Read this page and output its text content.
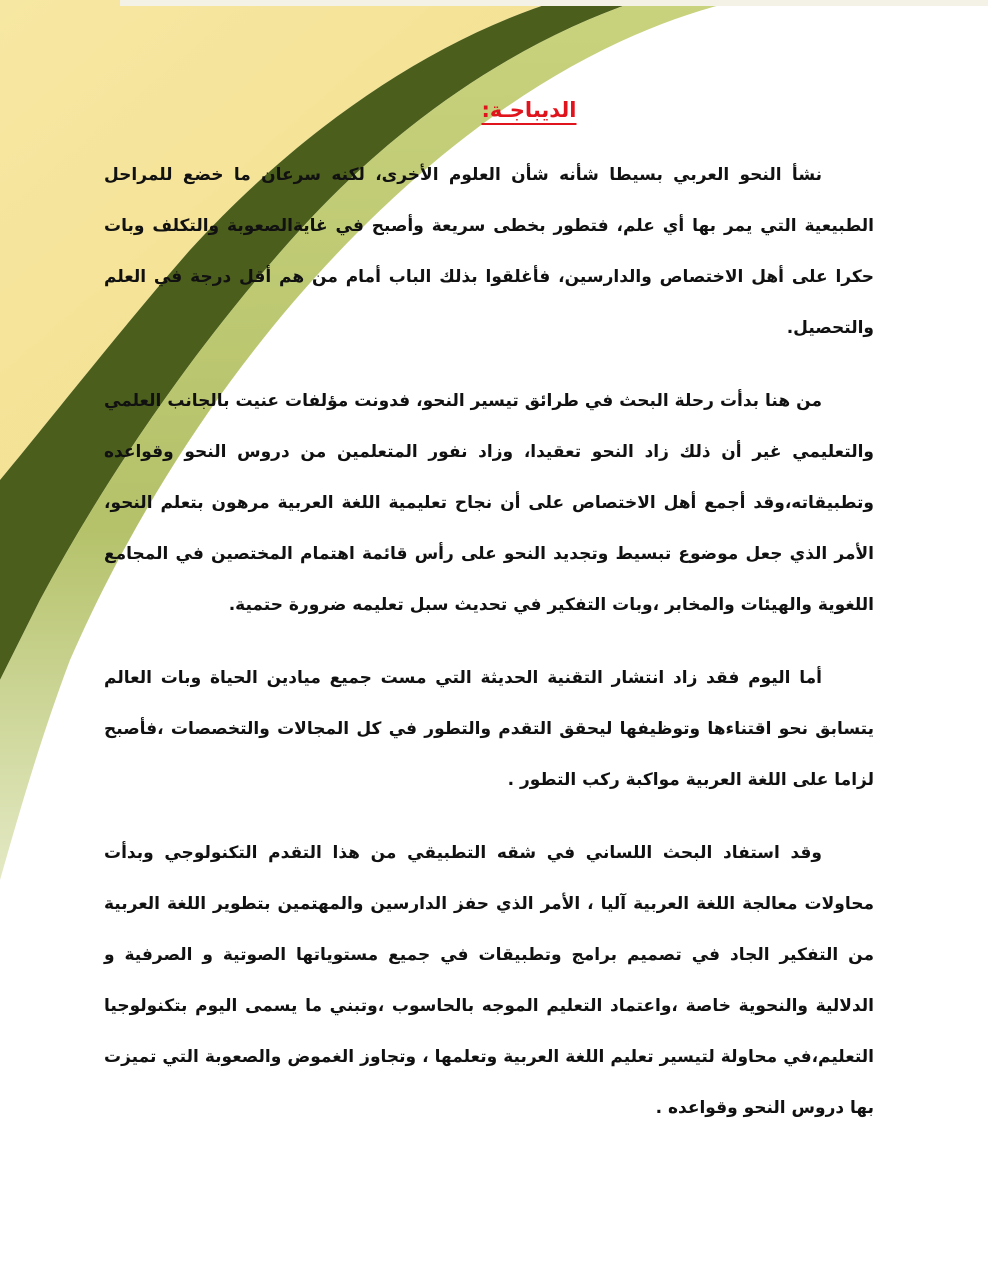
الديباجـة:

نشأ النحو العربي بسيطا شأنه شأن العلوم الأخرى، لكنه سرعان ما خضع للمراحل الطبيعية التي يمر بها أي علم، فتطور بخطى سريعة وأصبح في غايةالصعوبة والتكلف وبات حكرا على أهل الاختصاص والدارسين، فأغلقوا بذلك الباب أمام من هم أقل درجة في العلم والتحصيل.

من هنا بدأت رحلة البحث في طرائق تيسير النحو، فدونت مؤلفات عنيت بالجانب العلمي والتعليمي غير أن ذلك زاد النحو تعقيدا، وزاد نفور المتعلمين من دروس النحو وقواعده وتطبيقاته،وقد أجمع أهل الاختصاص على أن نجاح تعليمية اللغة العربية مرهون بتعلم النحو، الأمر الذي جعل موضوع تبسيط وتجديد النحو على رأس قائمة اهتمام المختصين في المجامع اللغوية والهيئات والمخابر ،وبات التفكير في تحديث سبل تعليمه ضرورة حتمية.

أما اليوم فقد زاد انتشار التقنية الحديثة التي مست جميع ميادين الحياة وبات العالم يتسابق نحو اقتناءها وتوظيفها ليحقق التقدم والتطور في كل المجالات والتخصصات ،فأصبح لزاما على اللغة العربية مواكبة ركب التطور .

وقد استفاد البحث اللساني في شقه التطبيقي من هذا التقدم التكنولوجي وبدأت محاولات معالجة اللغة العربية آليا ، الأمر الذي حفز الدارسين والمهتمين بتطوير اللغة العربية من التفكير الجاد في تصميم برامج وتطبيقات في جميع مستوياتها الصوتية و الصرفية و الدلالية والنحوية خاصة ،واعتماد التعليم الموجه بالحاسوب ،وتبني ما يسمى اليوم بتكنولوجيا التعليم،في محاولة لتيسير تعليم اللغة العربية وتعلمها ، وتجاوز الغموض والصعوبة التي تميزت بها دروس النحو وقواعده .
